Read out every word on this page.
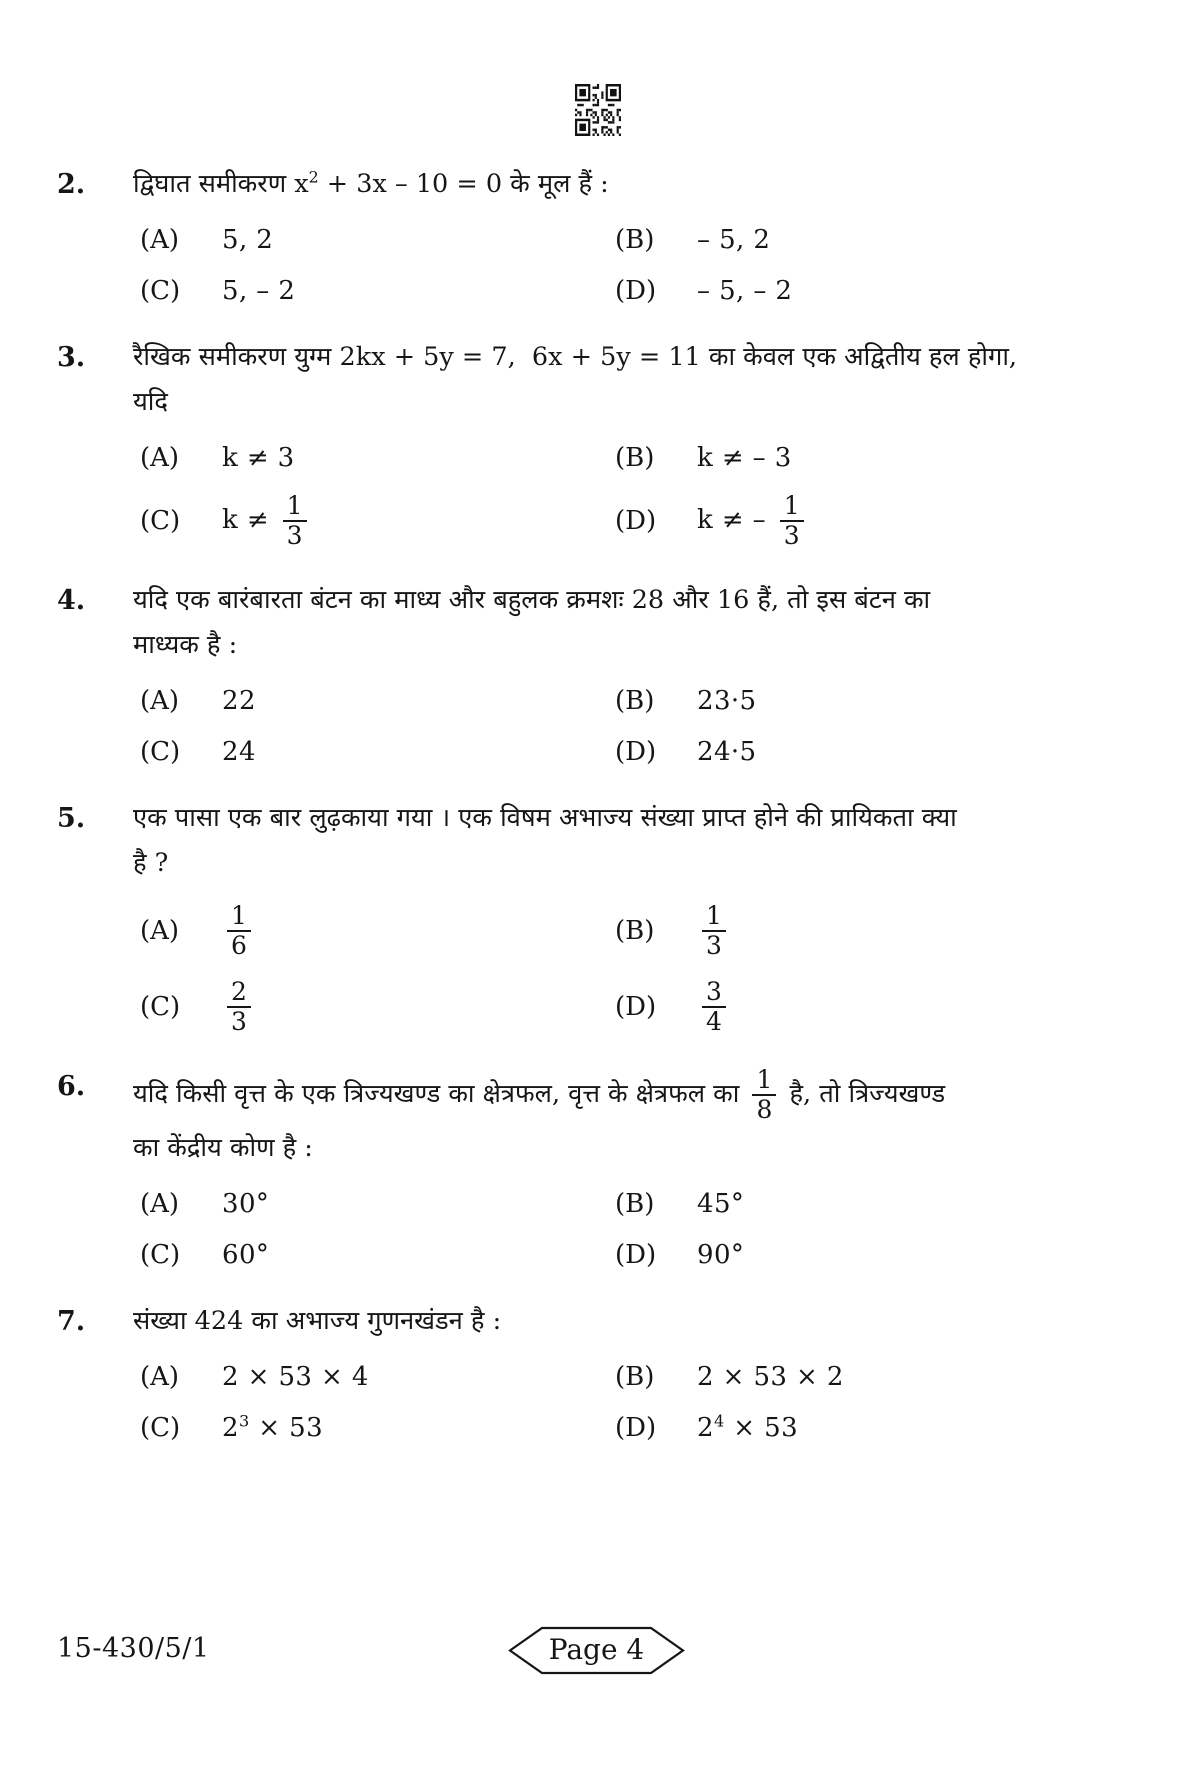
2.	द्विघात समीकरण $x^2 + 3x - 10 = 0$ के मूल हैं :
(A)	5, 2	(B)	– 5, 2
(C)	5, – 2	(D)	– 5, – 2
3.	रैखिक समीकरण युग्म 2kx + 5y = 7,  6x + 5y = 11 का केवल एक अद्वितीय हल होगा,
यदि
(A)	k ≠ 3	(B)	k ≠ – 3
(C)	$k \ne \frac{1}{3}$	(D)	k ≠ – $\frac{1}{3}$
4.	यदि एक बारंबारता बंटन का माध्य और बहुलक क्रमशः 28 और 16 हैं, तो इस बंटन का
माध्यक है :
(A)	22	(B)	23·5
(C)	24	(D)	24·5
5.	एक पासा एक बार लुढ़काया गया । एक विषम अभाज्य संख्या प्राप्त होने की प्रायिकता क्या
है ?
(A)	$\frac{1}{6}$	(B)	$\frac{1}{3}$
(C)	$\frac{2}{3}$	(D)	$\frac{3}{4}$
6.	यदि किसी वृत्त के एक त्रिज्यखण्ड का क्षेत्रफल, वृत्त के क्षेत्रफल का $\frac{1}{8}$ है, तो त्रिज्यखण्ड
का केंद्रीय कोण है :
(A)	30°	(B)	45°
(C)	60°	(D)	90°
7.	संख्या 424 का अभाज्य गुणनखंडन है :
(A)	2 × 53 × 4	(B)	2 × 53 × 2
(C)	$2^3 \times 53$	(D)	$2^4 \times 53$
15-430/5/1	Page 4
